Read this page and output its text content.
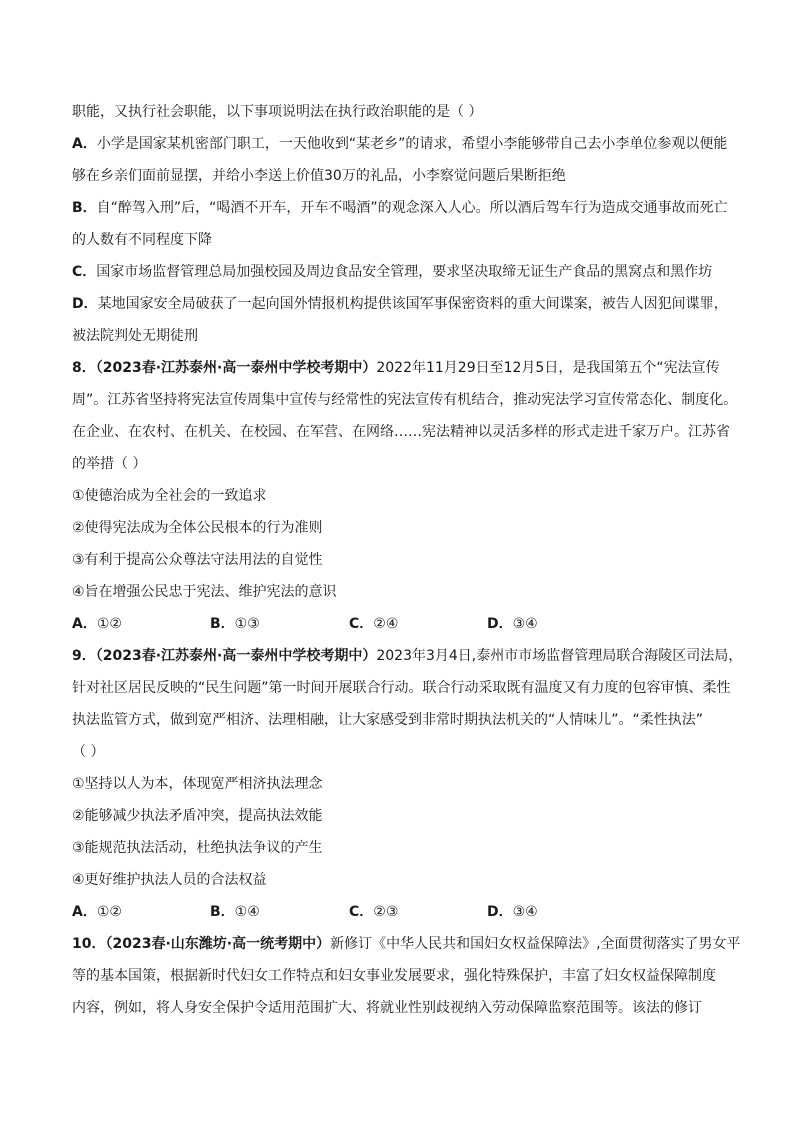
职能，又执行社会职能，以下事项说明法在执行政治职能的是（ ）
A．小学是国家某机密部门职工，一天他收到“某老乡”的请求，希望小李能够带自己去小李单位参观以便能
够在乡亲们面前显摆，并给小李送上价值30万的礼品，小李察觉问题后果断拒绝
B．自“醉驾入刑”后，“喝酒不开车，开车不喝酒”的观念深入人心。所以酒后驾车行为造成交通事故而死亡
的人数有不同程度下降
C．国家市场监督管理总局加强校园及周边食品安全管理，要求坚决取缔无证生产食品的黑窝点和黑作坊
D．某地国家安全局破获了一起向国外情报机构提供该国军事保密资料的重大间谍案，被告人因犯间谍罪，
被法院判处无期徒刑
8．（2023春·江苏泰州·高一泰州中学校考期中）2022年11月29日至12月5日，是我国第五个“宪法宣传
周”。江苏省坚持将宪法宣传周集中宣传与经常性的宪法宣传有机结合，推动宪法学习宣传常态化、制度化。
在企业、在农村、在机关、在校园、在军营、在网络……宪法精神以灵活多样的形式走进千家万户。江苏省
的举措（ ）
①使德治成为全社会的一致追求
②使得宪法成为全体公民根本的行为准则
③有利于提高公众尊法守法用法的自觉性
④旨在增强公民忠于宪法、维护宪法的意识
A．①②	B．①③	C．②④	D．③④
9．（2023春·江苏泰州·高一泰州中学校考期中）2023年3月4日,泰州市市场监督管理局联合海陵区司法局，
针对社区居民反映的“民生问题”第一时间开展联合行动。联合行动采取既有温度又有力度的包容审慎、柔性
执法监管方式，做到宽严相济、法理相融，让大家感受到非常时期执法机关的“人情味儿”。“柔性执法”
（ ）
①坚持以人为本，体现宽严相济执法理念
②能够减少执法矛盾冲突，提高执法效能
③能规范执法活动，杜绝执法争议的产生
④更好维护执法人员的合法权益
A．①②	B．①④	C．②③	D．③④
10．（2023春·山东潍坊·高一统考期中）新修订《中华人民共和国妇女权益保障法》,全面贯彻落实了男女平
等的基本国策，根据新时代妇女工作特点和妇女事业发展要求，强化特殊保护，丰富了妇女权益保障制度
内容，例如，将人身安全保护令适用范围扩大、将就业性别歧视纳入劳动保障监察范围等。该法的修订
